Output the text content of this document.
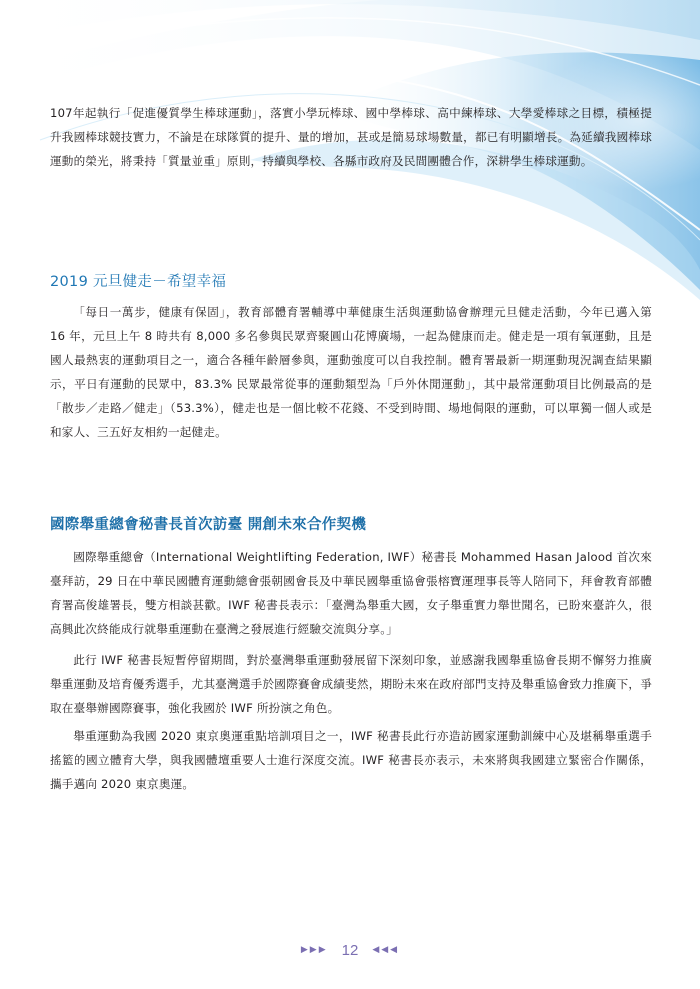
107年起執行「促進優質學生棒球運動」，落實小學玩棒球、國中學棒球、高中練棒球、大學愛棒球之目標，積極提升我國棒球競技實力，不論是在球隊質的提升、量的增加，甚或是簡易球場數量，都已有明顯增長。為延續我國棒球運動的榮光，將秉持「質量並重」原則，持續與學校、各縣市政府及民間團體合作，深耕學生棒球運動。

2019 元旦健走－希望幸福

「每日一萬步，健康有保固」，教育部體育署輔導中華健康生活與運動協會辦理元旦健走活動，今年已邁入第 16 年，元旦上午 8 時共有 8,000 多名參與民眾齊聚圓山花博廣場，一起為健康而走。健走是一項有氧運動，且是國人最熱衷的運動項目之一，適合各種年齡層參與，運動強度可以自我控制。體育署最新一期運動現況調查結果顯示，平日有運動的民眾中，83.3% 民眾最常從事的運動類型為「戶外休閒運動」，其中最常運動項目比例最高的是「散步／走路／健走」（53.3%），健走也是一個比較不花錢、不受到時間、場地侷限的運動，可以單獨一個人或是和家人、三五好友相約一起健走。

國際舉重總會秘書長首次訪臺 開創未來合作契機

國際舉重總會（International Weightlifting Federation, IWF）秘書長 Mohammed Hasan Jalood 首次來臺拜訪，29 日在中華民國體育運動總會張朝國會長及中華民國舉重協會張榕寶運理事長等人陪同下，拜會教育部體育署高俊雄署長，雙方相談甚歡。IWF 秘書長表示：「臺灣為舉重大國，女子舉重實力舉世聞名，已盼來臺許久，很高興此次終能成行就舉重運動在臺灣之發展進行經驗交流與分享。」

此行 IWF 秘書長短暫停留期間，對於臺灣舉重運動發展留下深刻印象，並感謝我國舉重協會長期不懈努力推廣舉重運動及培育優秀選手，尤其臺灣選手於國際賽會成績斐然，期盼未來在政府部門支持及舉重協會致力推廣下，爭取在臺舉辦國際賽事，強化我國於 IWF 所扮演之角色。

舉重運動為我國 2020 東京奧運重點培訓項目之一，IWF 秘書長此行亦造訪國家運動訓練中心及堪稱舉重選手搖籃的國立體育大學，與我國體壇重要人士進行深度交流。IWF 秘書長亦表示，未來將與我國建立緊密合作關係，攜手邁向 2020 東京奧運。

▶▶▶ 12 ◀◀◀
